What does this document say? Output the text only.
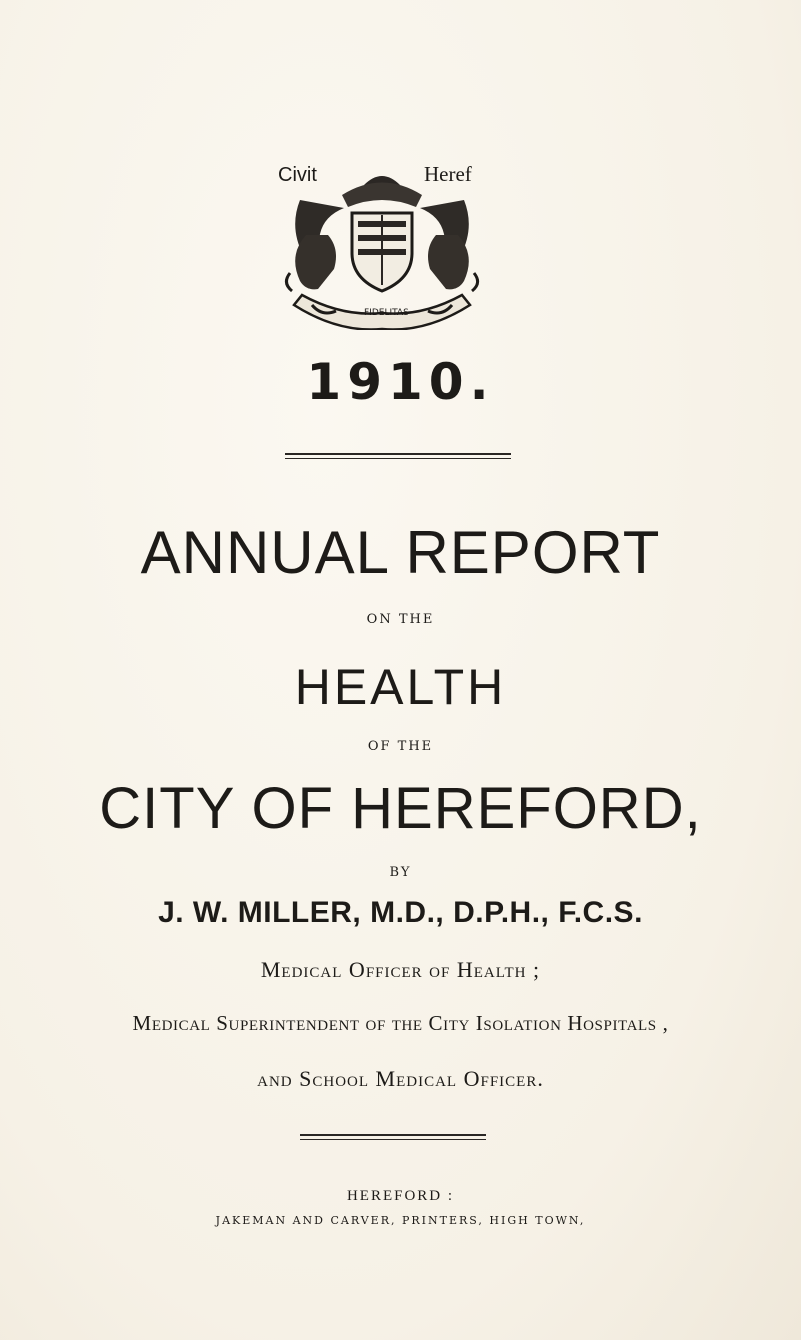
Civit	Heref
FIDELITAS
1910.
ANNUAL REPORT
ON THE
HEALTH
OF THE
CITY OF HEREFORD,
BY
J. W. MILLER, M.D., D.P.H., F.C.S.
Medical Officer of Health ;
Medical Superintendent of the City Isolation Hospitals ,
and School Medical Officer.
HEREFORD :
JAKEMAN AND CARVER, PRINTERS, HIGH TOWN,
